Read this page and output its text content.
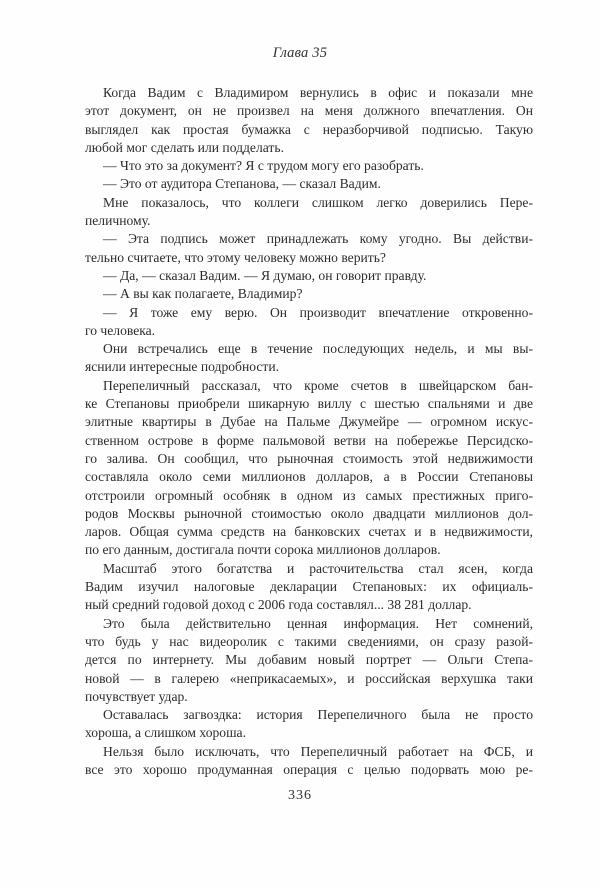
Глава 35
Когда Вадим с Владимиром вернулись в офис и показали мне
этот документ, он не произвел на меня должного впечатления. Он
выглядел как простая бумажка с неразборчивой подписью. Такую
любой мог сделать или подделать.
— Что это за документ? Я с трудом могу его разобрать.
— Это от аудитора Степанова, — сказал Вадим.
Мне показалось, что коллеги слишком легко доверились Пере-
пеличному.
— Эта подпись может принадлежать кому угодно. Вы действи-
тельно считаете, что этому человеку можно верить?
— Да, — сказал Вадим. — Я думаю, он говорит правду.
— А вы как полагаете, Владимир?
— Я тоже ему верю. Он производит впечатление откровенно-
го человека.
Они встречались еще в течение последующих недель, и мы вы-
яснили интересные подробности.
Перепеличный рассказал, что кроме счетов в швейцарском бан-
ке Степановы приобрели шикарную виллу с шестью спальнями и две
элитные квартиры в Дубае на Пальме Джумейре — огромном искус-
ственном острове в форме пальмовой ветви на побережье Персидско-
го залива. Он сообщил, что рыночная стоимость этой недвижимости
составляла около семи миллионов долларов, а в России Степановы
отстроили огромный особняк в одном из самых престижных приго-
родов Москвы рыночной стоимостью около двадцати миллионов дол-
ларов. Общая сумма средств на банковских счетах и в недвижимости,
по его данным, достигала почти сорока миллионов долларов.
Масштаб этого богатства и расточительства стал ясен, когда
Вадим изучил налоговые декларации Степановых: их официаль-
ный средний годовой доход с 2006 года составлял... 38 281 доллар.
Это была действительно ценная информация. Нет сомнений,
что будь у нас видеоролик с такими сведениями, он сразу разой-
дется по интернету. Мы добавим новый портрет — Ольги Степа-
новой — в галерею «неприкасаемых», и российская верхушка таки
почувствует удар.
Оставалась загвоздка: история Перепеличного была не просто
хороша, а слишком хороша.
Нельзя было исключать, что Перепеличный работает на ФСБ, и
все это хорошо продуманная операция с целью подорвать мою ре-
336
